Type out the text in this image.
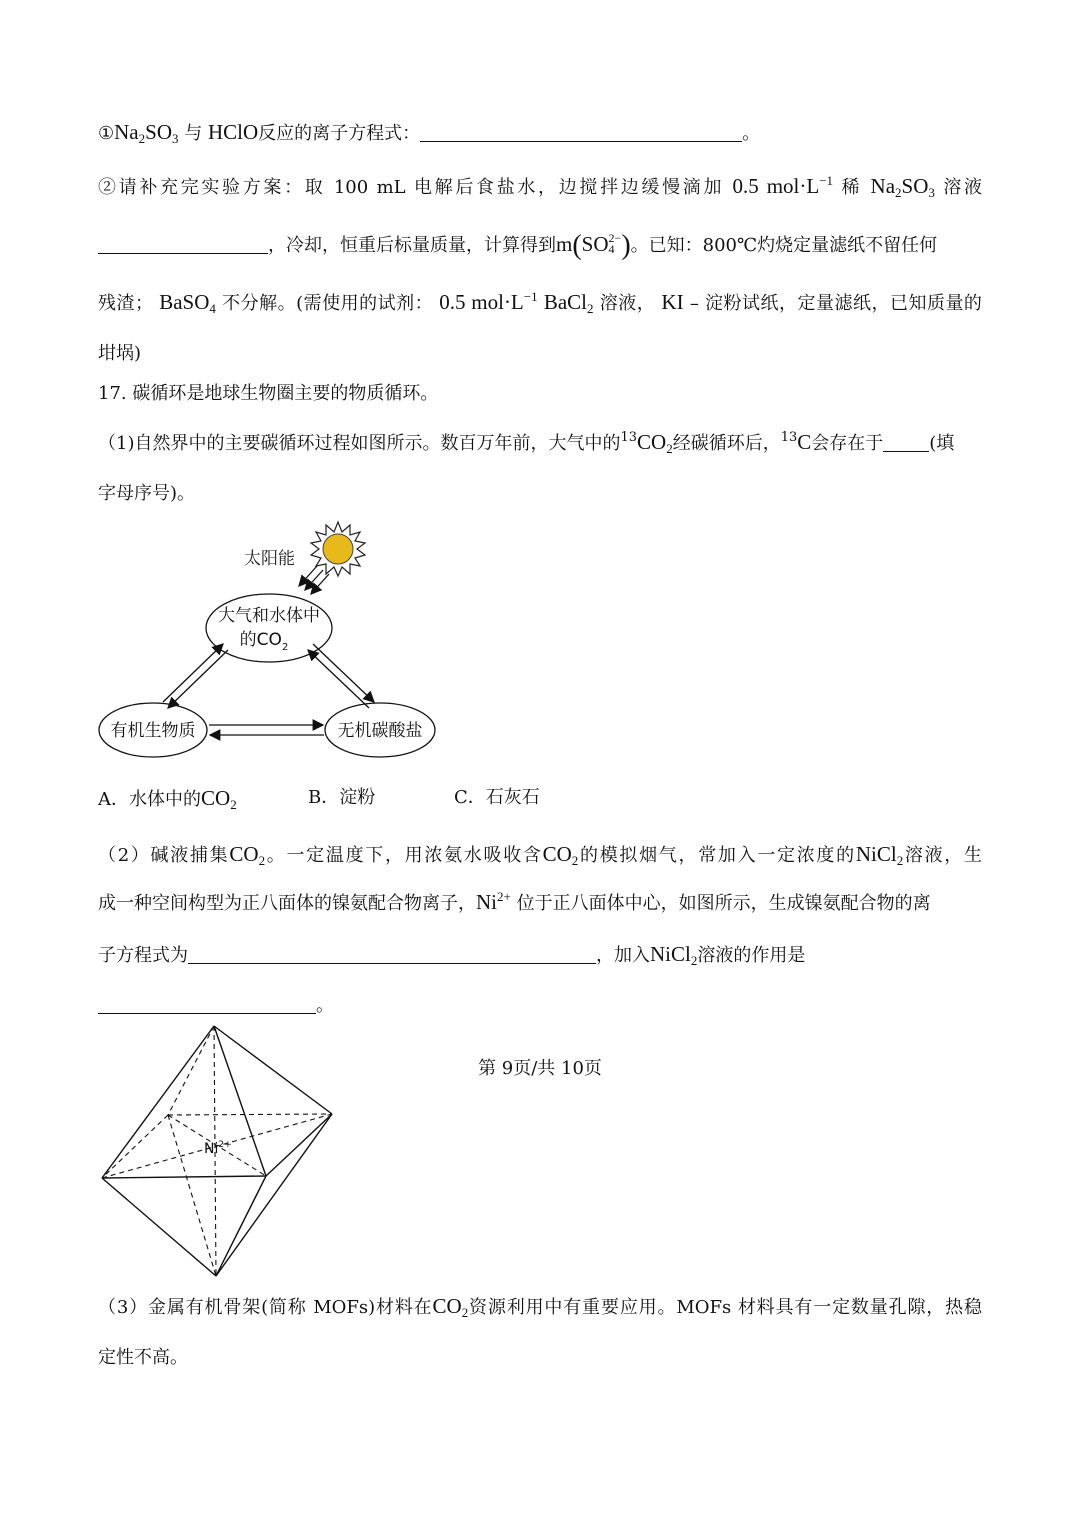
$①Na_2SO_3$ 与 HClO反应的离子方程式：	。
②请补充完实验方案：取 100 mL 电解后食盐水，边搅拌边缓慢滴加 0.5 $mol\cdot L^{-1}$ 稀 $Na_2SO_3$ 溶液
，冷却，恒重后标量质量，计算得到m(SO 2−
4 )。已知：800℃灼烧定量滤纸不留任何
残渣； BaSO$_4$ 不分解。(需使用的试剂： 0.5 $mol\cdot L^{-1}$ BaCl$_2$ 溶液， KI – 淀粉试纸，定量滤纸，已知质量的
坩埚)
17. 碳循环是地球生物圈主要的物质循环。
（1)自然界中的主要碳循环过程如图所示。数百万年前，大气中的$^{13}CO_2$经碳循环后，$^{13}$C会存在于	(填
字母序号)。
太阳能
大气和水体中
的$CO_2$
有机生物质	无机碳酸盐
A．水体中的$CO_2$	B．淀粉	C．石灰石
（2）碱液捕集$CO_2$。一定温度下，用浓氨水吸收含$CO_2$的模拟烟气，常加入一定浓度的NiCl$_2$溶液，生
成一种空间构型为正八面体的镍氨配合物离子，$Ni^{2+}$ 位于正八面体中心，如图所示，生成镍氨配合物的离
子方程式为	，加入NiCl$_2$溶液的作用是
。
$Ni^{2+}$
（3）金属有机骨架(简称 MOFs)材料在$CO_2$资源利用中有重要应用。MOFs 材料具有一定数量孔隙，热稳
定性不高。
第 9页/共 10页
